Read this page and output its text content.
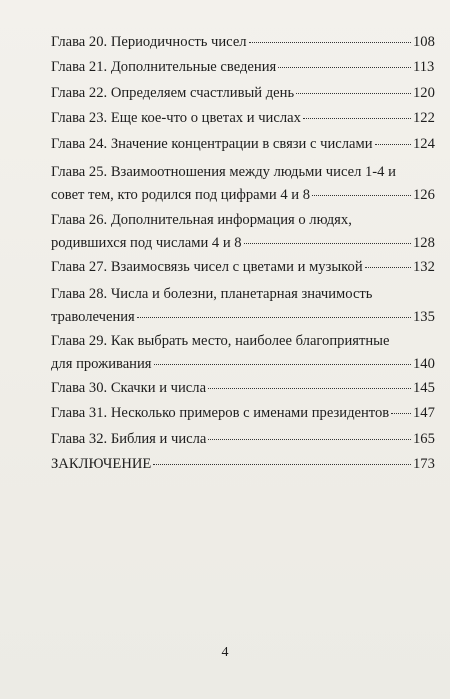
Глава 20. Периодичность чисел	108
Глава 21. Дополнительные сведения	113
Глава 22. Определяем счастливый день	120
Глава 23. Еще кое-что о цветах и числах	122
Глава 24. Значение концентрации в связи с числами	124
Глава 25. Взаимоотношения между людьми чисел 1-4 и
совет тем, кто родился под цифрами 4 и 8	126
Глава 26. Дополнительная информация о людях,
родившихся под числами 4 и 8	128
Глава 27. Взаимосвязь чисел с цветами и музыкой	132
Глава 28. Числа и болезни, планетарная значимость
траволечения	135
Глава 29. Как выбрать место, наиболее благоприятные
для проживания	140
Глава 30. Скачки и числа	145
Глава 31. Несколько примеров с именами президентов 147
Глава 32. Библия и числа	165
ЗАКЛЮЧЕНИЕ	173
4
